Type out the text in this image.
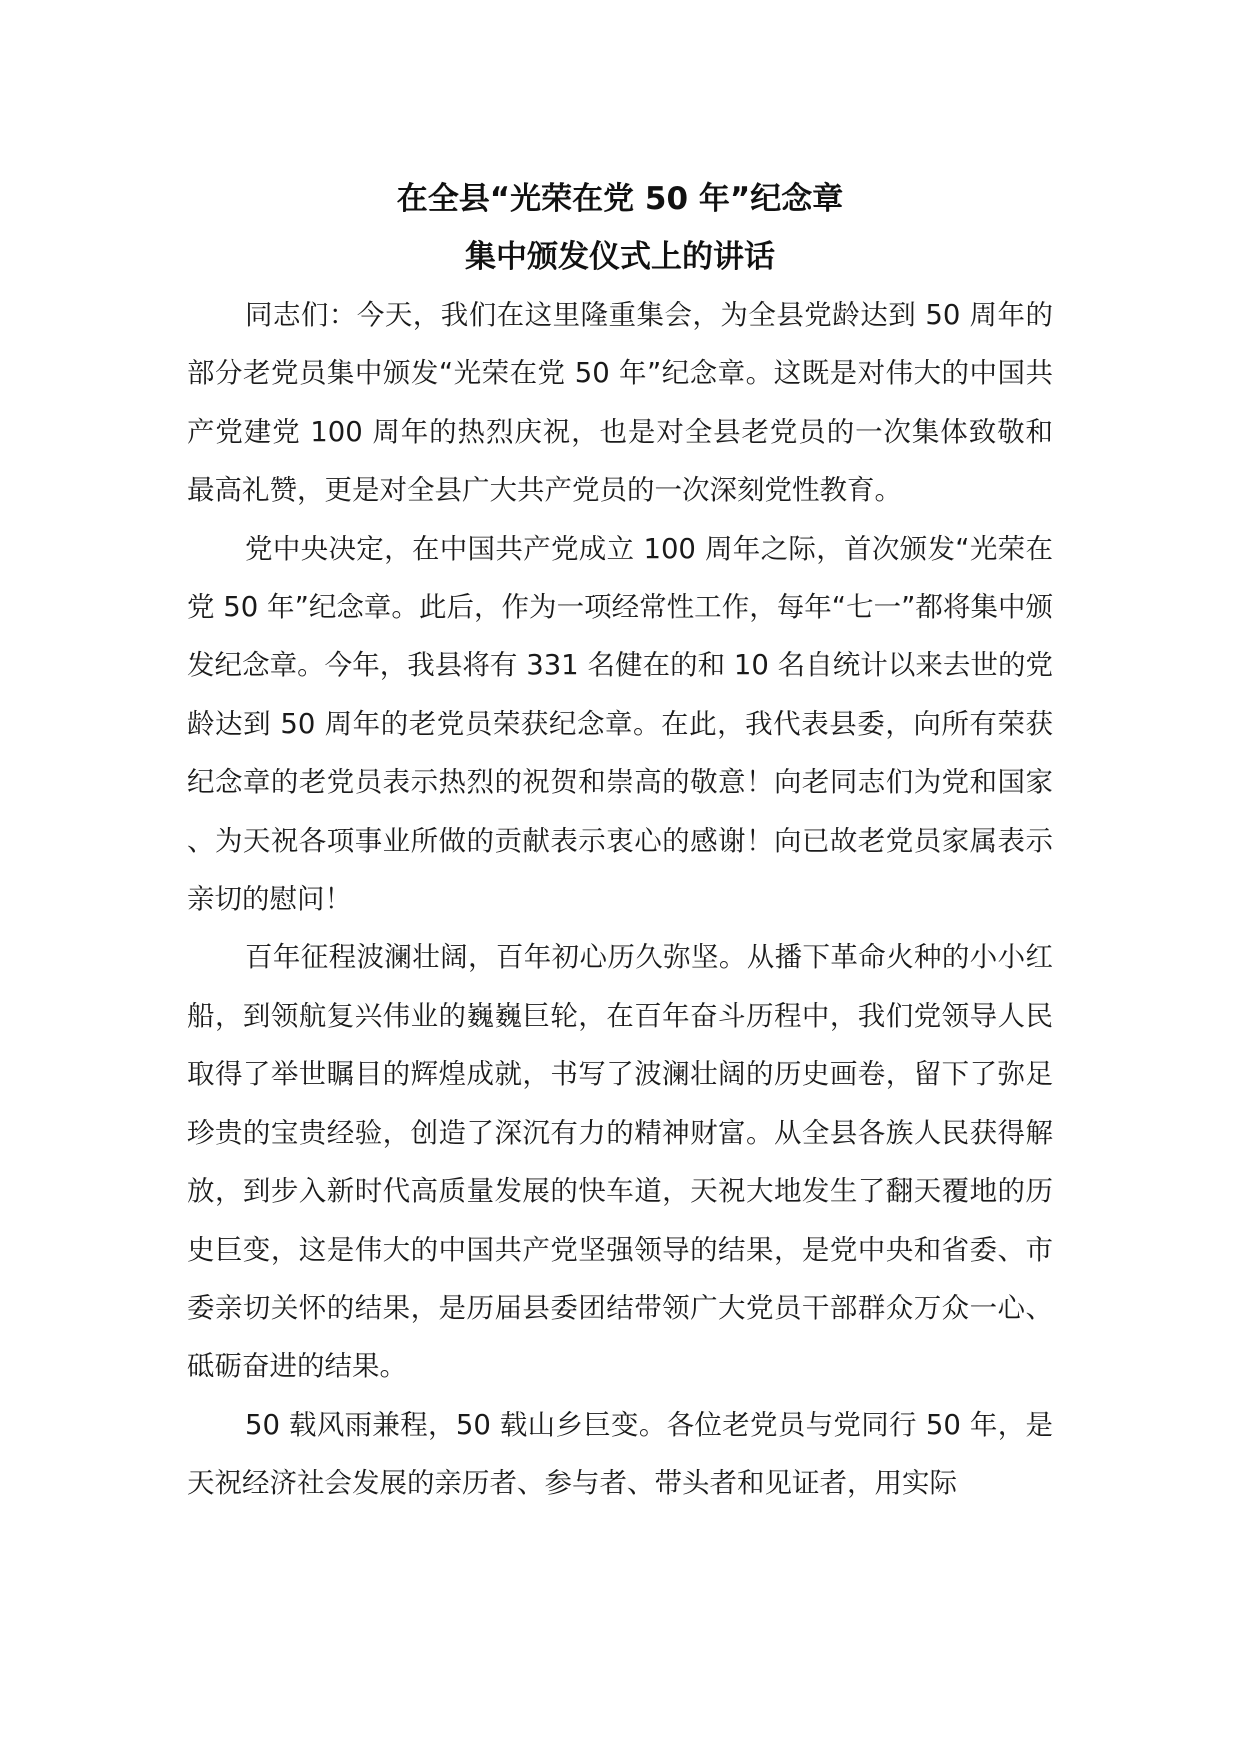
在全县“光荣在党 50 年”纪念章
集中颁发仪式上的讲话

同志们：今天，我们在这里隆重集会，为全县党龄达到 50 周年的部分老党员集中颁发“光荣在党 50 年”纪念章。这既是对伟大的中国共产党建党 100 周年的热烈庆祝，也是对全县老党员的一次集体致敬和最高礼赞，更是对全县广大共产党员的一次深刻党性教育。

党中央决定，在中国共产党成立 100 周年之际，首次颁发“光荣在党 50 年”纪念章。此后，作为一项经常性工作，每年“七一”都将集中颁发纪念章。今年，我县将有 331 名健在的和 10 名自统计以来去世的党龄达到 50 周年的老党员荣获纪念章。在此，我代表县委，向所有荣获纪念章的老党员表示热烈的祝贺和崇高的敬意！向老同志们为党和国家、为天祝各项事业所做的贡献表示衷心的感谢！向已故老党员家属表示亲切的慰问！

百年征程波澜壮阔，百年初心历久弥坚。从播下革命火种的小小红船，到领航复兴伟业的巍巍巨轮，在百年奋斗历程中，我们党领导人民取得了举世瞩目的辉煌成就，书写了波澜壮阔的历史画卷，留下了弥足珍贵的宝贵经验，创造了深沉有力的精神财富。从全县各族人民获得解放，到步入新时代高质量发展的快车道，天祝大地发生了翻天覆地的历史巨变，这是伟大的中国共产党坚强领导的结果，是党中央和省委、市委亲切关怀的结果，是历届县委团结带领广大党员干部群众万众一心、砥砺奋进的结果。

50 载风雨兼程，50 载山乡巨变。各位老党员与党同行 50 年，是天祝经济社会发展的亲历者、参与者、带头者和见证者，用实际
